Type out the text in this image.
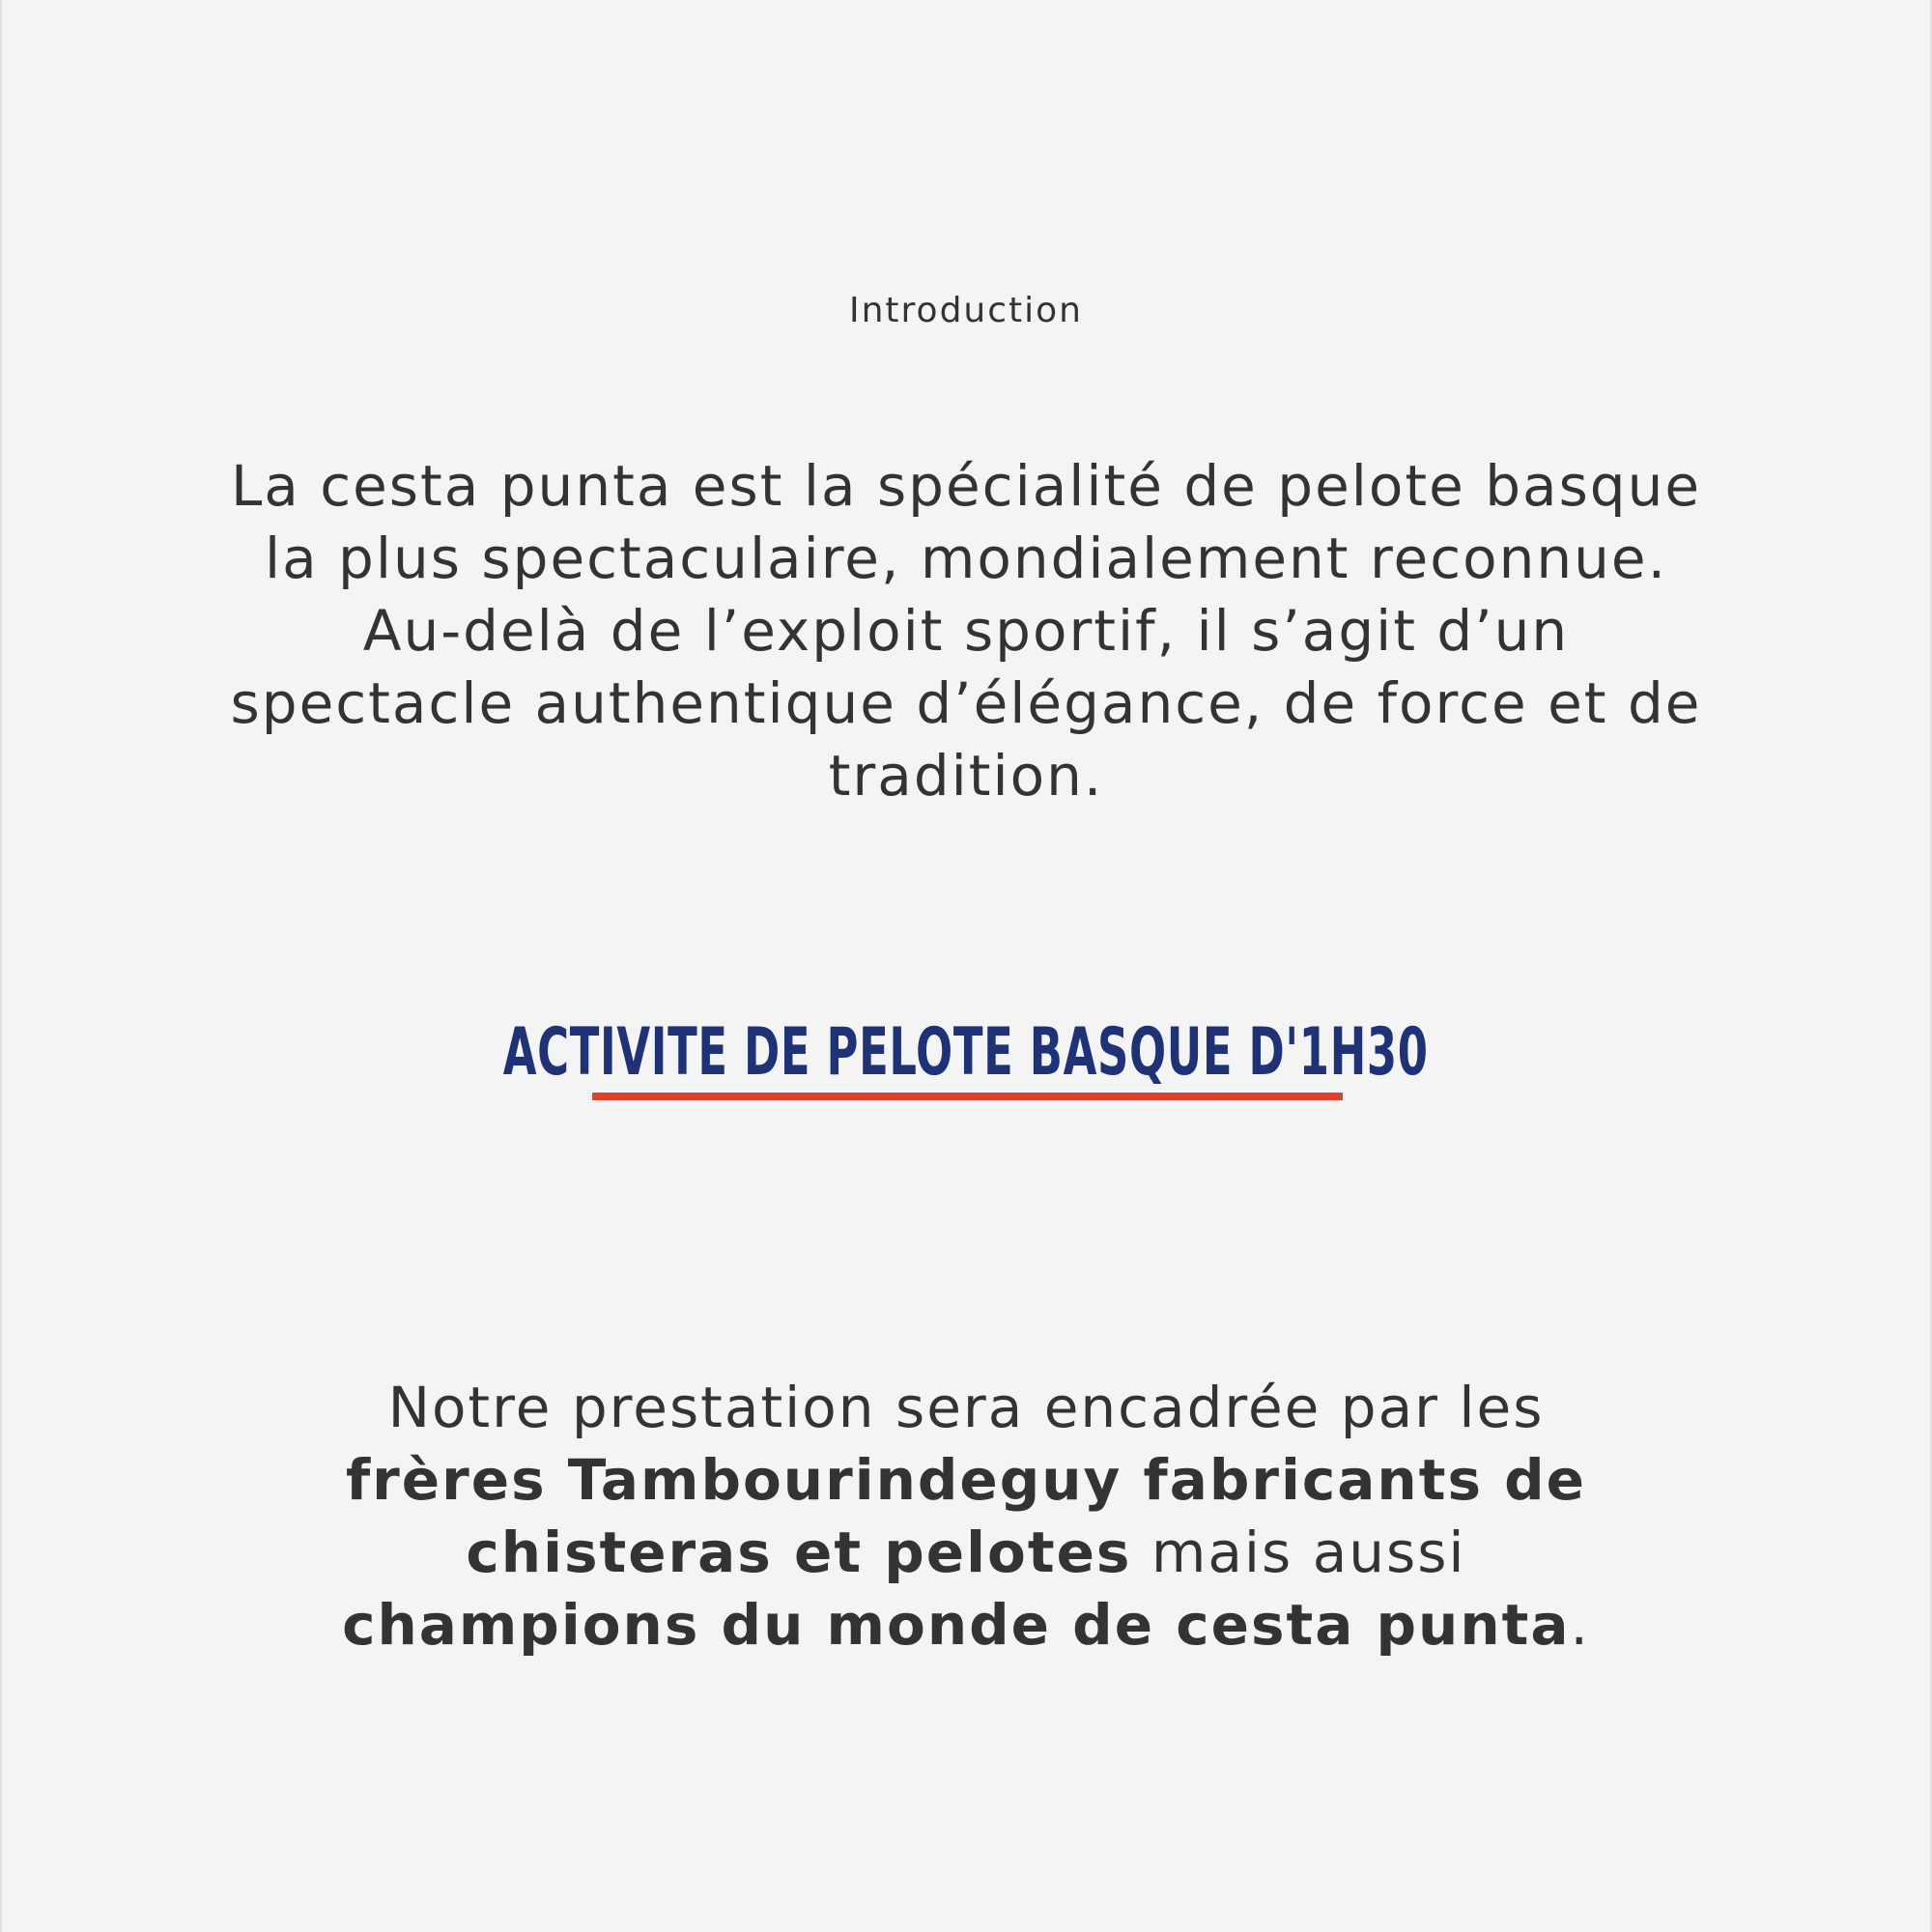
Introduction

La cesta punta est la spécialité de pelote basque la plus spectaculaire, mondialement reconnue. Au-delà de l’exploit sportif, il s’agit d’un spectacle authentique d’élégance, de force et de tradition.

ACTIVITE DE PELOTE BASQUE D'1H30

Notre prestation sera encadrée par les frères Tambourindeguy fabricants de chisteras et pelotes mais aussi champions du monde de cesta punta.
